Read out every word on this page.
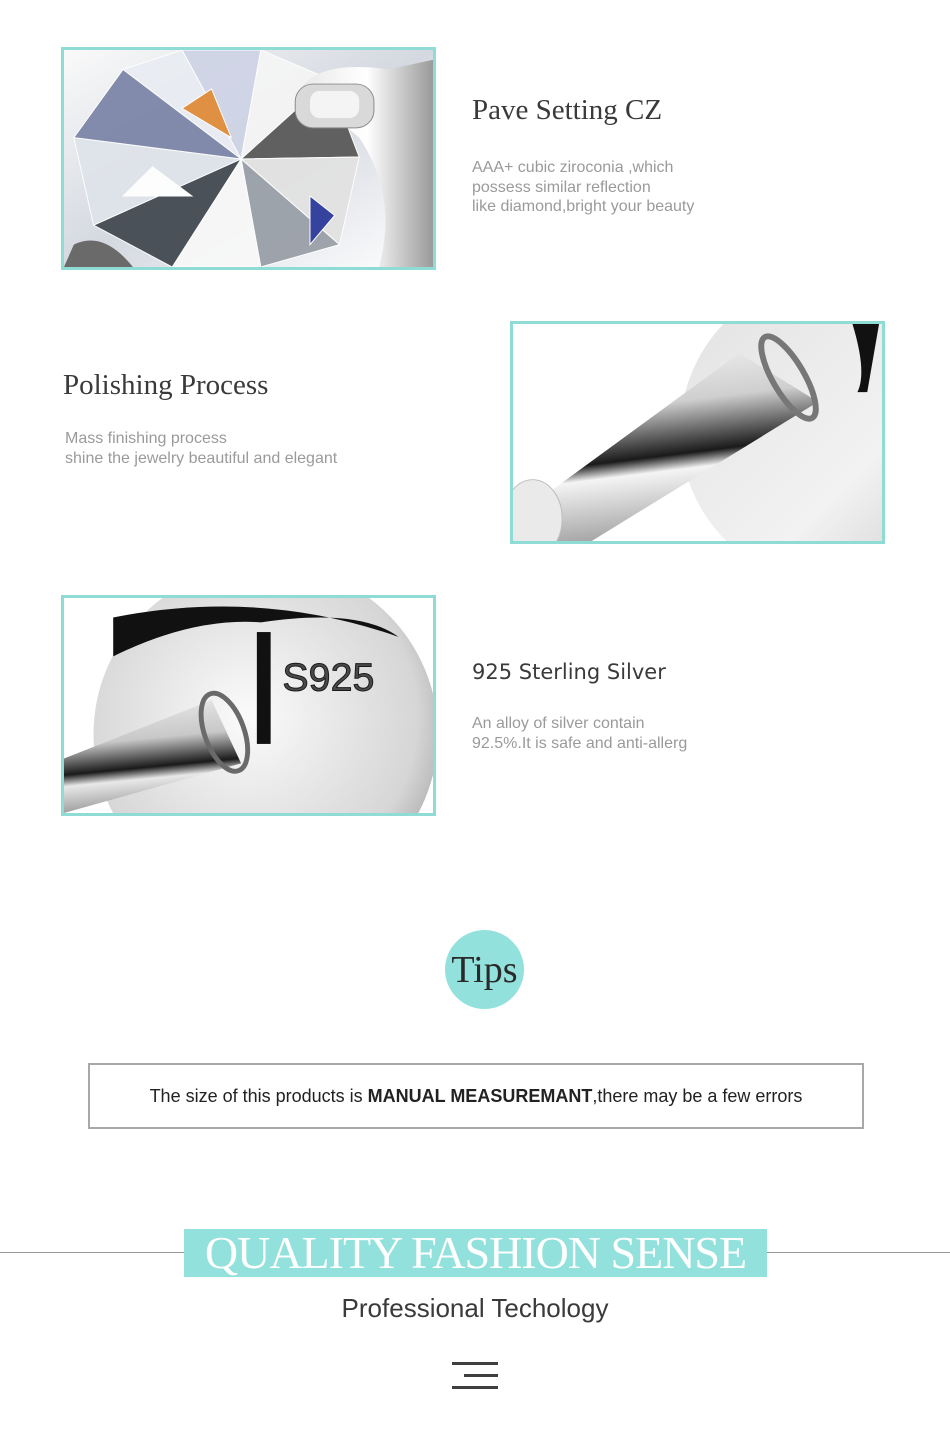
Pave Setting CZ

AAA+ cubic ziroconia ,which
possess similar reflection
like diamond,bright your beauty

Polishing Process

Mass finishing process
shine the jewelry beautiful and elegant

S925	925 Sterling Silver

An alloy of silver contain
92.5%.It is safe and anti-allerg

Tips
The size of this products is MANUAL MEASUREMANT ,there may be a few errors
QUALITY FASHION SENSE
Professional Techology
